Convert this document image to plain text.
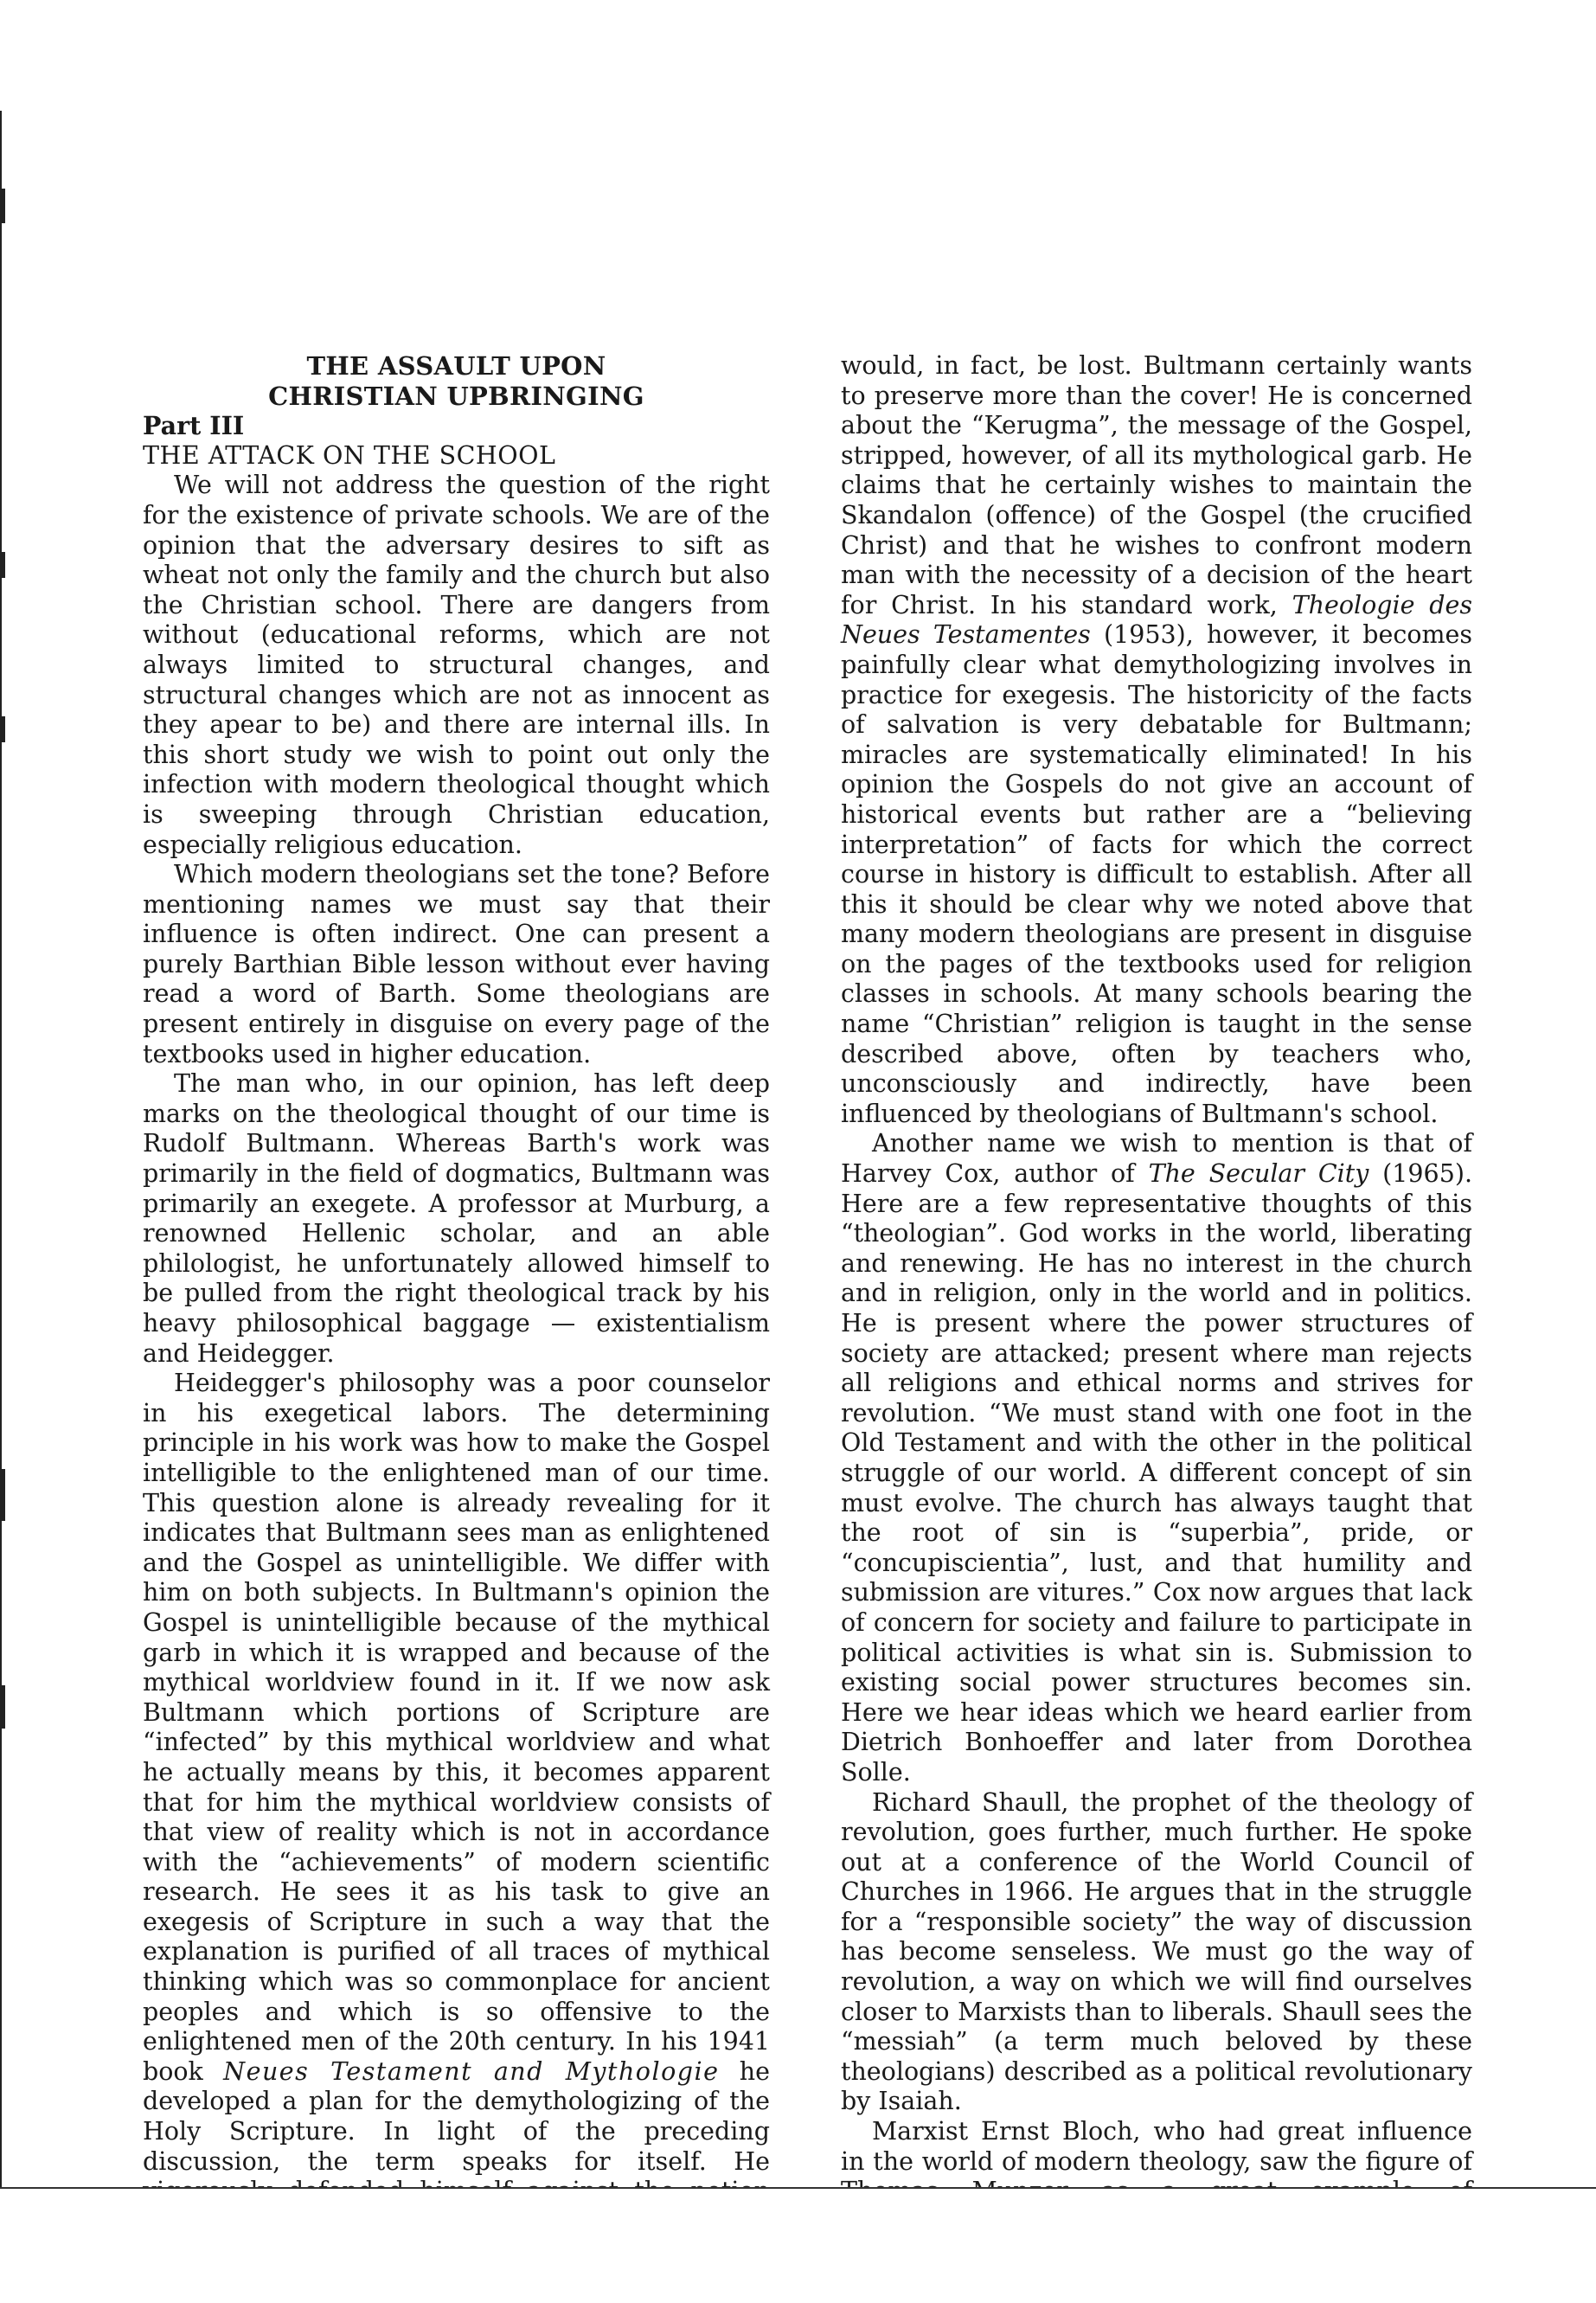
THE ASSAULT UPON

CHRISTIAN UPBRINGING

Part III

THE ATTACK ON THE SCHOOL

We will not address the question of the right for the existence of private schools. We are of the opinion that the adversary desires to sift as wheat not only the family and the church but also the Christian school. There are dangers from without (educational reforms, which are not always limited to structural changes, and structural changes which are not as innocent as they apear to be) and there are internal ills. In this short study we wish to point out only the infection with modern theological thought which is sweeping through Christian education, especially religious education.

Which modern theologians set the tone? Before mentioning names we must say that their influence is often indirect. One can present a purely Barthian Bible lesson without ever having read a word of Barth. Some theologians are present entirely in disguise on every page of the textbooks used in higher education.

The man who, in our opinion, has left deep marks on the theological thought of our time is Rudolf Bultmann. Whereas Barth's work was primarily in the field of dogmatics, Bultmann was primarily an exegete. A professor at Murburg, a renowned Hellenic scholar, and an able philologist, he unfortunately allowed himself to be pulled from the right theological track by his heavy philosophical baggage — existentialism and Heidegger.

Heidegger's philosophy was a poor counselor in his exegetical labors. The determining principle in his work was how to make the Gospel intelligible to the enlightened man of our time. This question alone is already revealing for it indicates that Bultmann sees man as enlightened and the Gospel as unintelligible. We differ with him on both subjects. In Bultmann's opinion the Gospel is unintelligible because of the mythical garb in which it is wrapped and because of the mythical worldview found in it. If we now ask Bultmann which portions of Scripture are “infected” by this mythical worldview and what he actually means by this, it becomes apparent that for him the mythical worldview consists of that view of reality which is not in accordance with the “achievements” of modern scientific research. He sees it as his task to give an exegesis of Scripture in such a way that the explanation is purified of all traces of mythical thinking which was so commonplace for ancient peoples and which is so offensive to the enlightened men of the 20th century. In his 1941 book Neues Testament and Mythologie he developed a plan for the demythologizing of the Holy Scripture. In light of the preceding discussion, the term speaks for itself. He

would, in fact, be lost. Bultmann certainly wants to preserve more than the cover! He is concerned about the “Kerugma”, the message of the Gospel, stripped, however, of all its mythological garb. He claims that he certainly wishes to maintain the Skandalon (offence) of the Gospel (the crucified Christ) and that he wishes to confront modern man with the necessity of a decision of the heart for Christ. In his standard work, Theologie des Neues Testamentes (1953), however, it becomes painfully clear what demythologizing involves in practice for exegesis. The historicity of the facts of salvation is very debatable for Bultmann; miracles are systematically eliminated! In his opinion the Gospels do not give an account of historical events but rather are a “believing interpretation” of facts for which the correct course in history is difficult to establish. After all this it should be clear why we noted above that many modern theologians are present in disguise on the pages of the textbooks used for religion classes in schools. At many schools bearing the name “Christian” religion is taught in the sense described above, often by teachers who, unconsciously and indirectly, have been influenced by theologians of Bultmann's school.

Another name we wish to mention is that of Harvey Cox, author of The Secular City (1965). Here are a few representative thoughts of this “theologian”. God works in the world, liberating and renewing. He has no interest in the church and in religion, only in the world and in politics. He is present where the power structures of society are attacked; present where man rejects all religions and ethical norms and strives for revolution. “We must stand with one foot in the Old Testament and with the other in the political struggle of our world. A different concept of sin must evolve. The church has always taught that the root of sin is “superbia”, pride, or “concupiscientia”, lust, and that humility and submission are vitures.” Cox now argues that lack of concern for society and failure to participate in political activities is what sin is. Submission to existing social power structures becomes sin. Here we hear ideas which we heard earlier from Dietrich Bonhoeffer and later from Dorothea Solle.

Richard Shaull, the prophet of the theology of revolution, goes further, much further. He spoke out at a conference of the World Council of Churches in 1966. He argues that in the struggle for a “responsible society” the way of discussion has become senseless. We must go the way of revolution, a way on which we will find ourselves closer to Marxists than to liberals. Shaull sees the “messiah” (a term much beloved by these theologians) described as a political revolutionary by Isaiah.

Marxist Ernst Bloch, who had great influence in the world of modern theology, saw the figure of
